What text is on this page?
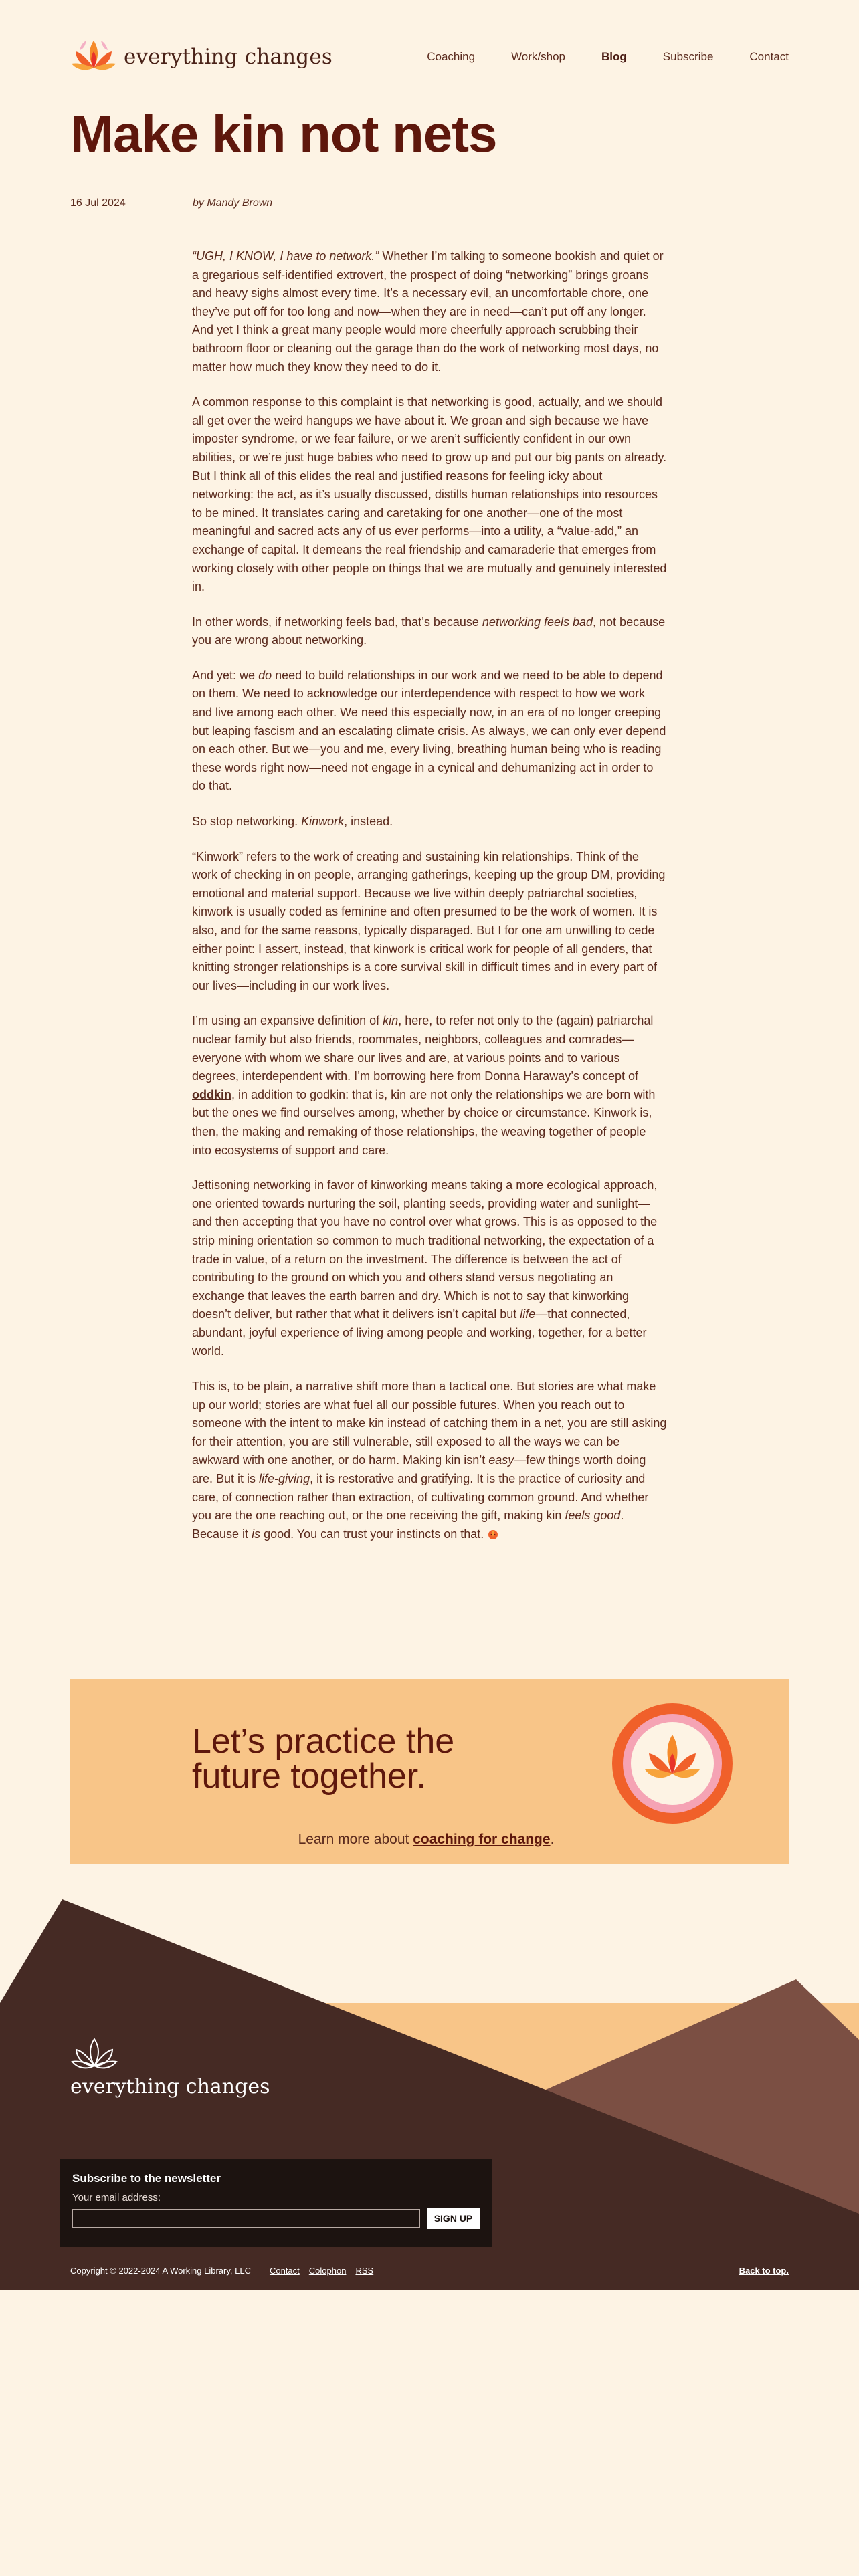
everything changes	Coaching	Work/shop	Blog	Subscribe	Contact
Make kin not nets
16 Jul 2024	by Mandy Brown

“UGH, I KNOW, I have to network.” Whether I’m talking to someone bookish and quiet or a gregarious self-identified extrovert, the prospect of doing “networking” brings groans and heavy sighs almost every time. It’s a necessary evil, an uncomfortable chore, one they’ve put off for too long and now—when they are in need—can’t put off any longer. And yet I think a great many people would more cheerfully approach scrubbing their bathroom floor or cleaning out the garage than do the work of networking most days, no matter how much they know they need to do it.

A common response to this complaint is that networking is good, actually, and we should all get over the weird hangups we have about it. We groan and sigh because we have imposter syndrome, or we fear failure, or we aren’t sufficiently confident in our own abilities, or we’re just huge babies who need to grow up and put our big pants on already. But I think all of this elides the real and justified reasons for feeling icky about networking: the act, as it’s usually discussed, distills human relationships into resources to be mined. It translates caring and caretaking for one another—one of the most meaningful and sacred acts any of us ever performs—into a utility, a “value-add,” an exchange of capital. It demeans the real friendship and camaraderie that emerges from working closely with other people on things that we are mutually and genuinely interested in.

In other words, if networking feels bad, that’s because networking feels bad, not because you are wrong about networking.

And yet: we do need to build relationships in our work and we need to be able to depend on them. We need to acknowledge our interdependence with respect to how we work and live among each other. We need this especially now, in an era of no longer creeping but leaping fascism and an escalating climate crisis. As always, we can only ever depend on each other. But we—you and me, every living, breathing human being who is reading these words right now—need not engage in a cynical and dehumanizing act in order to do that.

So stop networking. Kinwork, instead.

“Kinwork” refers to the work of creating and sustaining kin relationships. Think of the work of checking in on people, arranging gatherings, keeping up the group DM, providing emotional and material support. Because we live within deeply patriarchal societies, kinwork is usually coded as feminine and often presumed to be the work of women. It is also, and for the same reasons, typically disparaged. But I for one am unwilling to cede either point: I assert, instead, that kinwork is critical work for people of all genders, that knitting stronger relationships is a core survival skill in difficult times and in every part of our lives—including in our work lives.

I’m using an expansive definition of kin, here, to refer not only to the (again) patriarchal nuclear family but also friends, roommates, neighbors, colleagues and comrades—everyone with whom we share our lives and are, at various points and to various degrees, interdependent with. I’m borrowing here from Donna Haraway’s concept of oddkin, in addition to godkin: that is, kin are not only the relationships we are born with but the ones we find ourselves among, whether by choice or circumstance. Kinwork is, then, the making and remaking of those relationships, the weaving together of people into ecosystems of support and care.

Jettisoning networking in favor of kinworking means taking a more ecological approach, one oriented towards nurturing the soil, planting seeds, providing water and sunlight—and then accepting that you have no control over what grows. This is as opposed to the strip mining orientation so common to much traditional networking, the expectation of a trade in value, of a return on the investment. The difference is between the act of contributing to the ground on which you and others stand versus negotiating an exchange that leaves the earth barren and dry. Which is not to say that kinworking doesn’t deliver, but rather that what it delivers isn’t capital but life—that connected, abundant, joyful experience of living among people and working, together, for a better world.

This is, to be plain, a narrative shift more than a tactical one. But stories are what make up our world; stories are what fuel all our possible futures. When you reach out to someone with the intent to make kin instead of catching them in a net, you are still asking for their attention, you are still vulnerable, still exposed to all the ways we can be awkward with one another, or do harm. Making kin isn’t easy—few things worth doing are. But it is life-giving, it is restorative and gratifying. It is the practice of curiosity and care, of connection rather than extraction, of cultivating common ground. And whether you are the one reaching out, or the one receiving the gift, making kin feels good. Because it is good. You can trust your instincts on that.

Let’s practice the future together.

Learn more about coaching for change.

everything changes
Subscribe to the newsletter
Your email address:
SIGN UP
Copyright © 2022-2024 A Working Library, LLC Contact Colophon RSS	Back to top.
